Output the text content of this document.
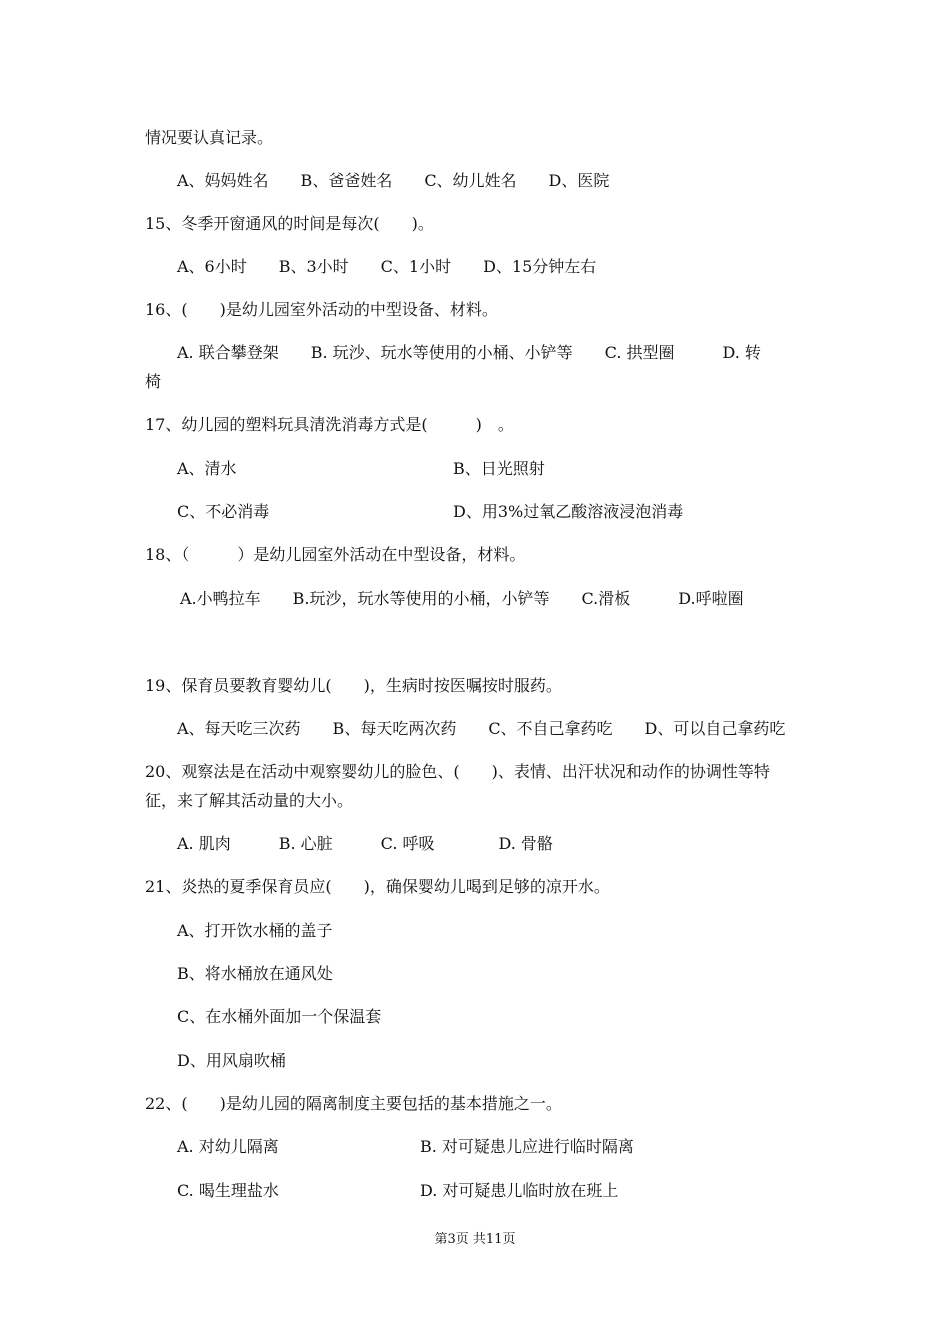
情况要认真记录。
A、妈妈姓名　　B、爸爸姓名　　C、幼儿姓名　　D、医院
15、冬季开窗通风的时间是每次(　　)。
A、6小时　　B、3小时　　C、1小时　　D、15分钟左右
16、(　　)是幼儿园室外活动的中型设备、材料。
A. 联合攀登架　　B. 玩沙、玩水等使用的小桶、小铲等　　C. 拱型圈　　　D. 转
椅
17、幼儿园的塑料玩具清洗消毒方式是(　　　)　。
A、清水	B、日光照射
C、不必消毒	D、用3%过氧乙酸溶液浸泡消毒
18、（　　　）是幼儿园室外活动在中型设备，材料。
A.小鸭拉车　　B.玩沙，玩水等使用的小桶，小铲等　　C.滑板　　　D.呼啦圈
19、保育员要教育婴幼儿(　　)，生病时按医嘱按时服药。
A、每天吃三次药　　B、每天吃两次药　　C、不自己拿药吃　　D、可以自己拿药吃
20、观察法是在活动中观察婴幼儿的脸色、(　　)、表情、出汗状况和动作的协调性等特
征，来了解其活动量的大小。
A. 肌肉　　　B. 心脏　　　C. 呼吸　　　　D. 骨骼
21、炎热的夏季保育员应(　　)，确保婴幼儿喝到足够的凉开水。
A、打开饮水桶的盖子
B、将水桶放在通风处
C、在水桶外面加一个保温套
D、用风扇吹桶
22、(　　)是幼儿园的隔离制度主要包括的基本措施之一。
A. 对幼儿隔离	B. 对可疑患儿应进行临时隔离
C. 喝生理盐水	D. 对可疑患儿临时放在班上
第3页 共11页
